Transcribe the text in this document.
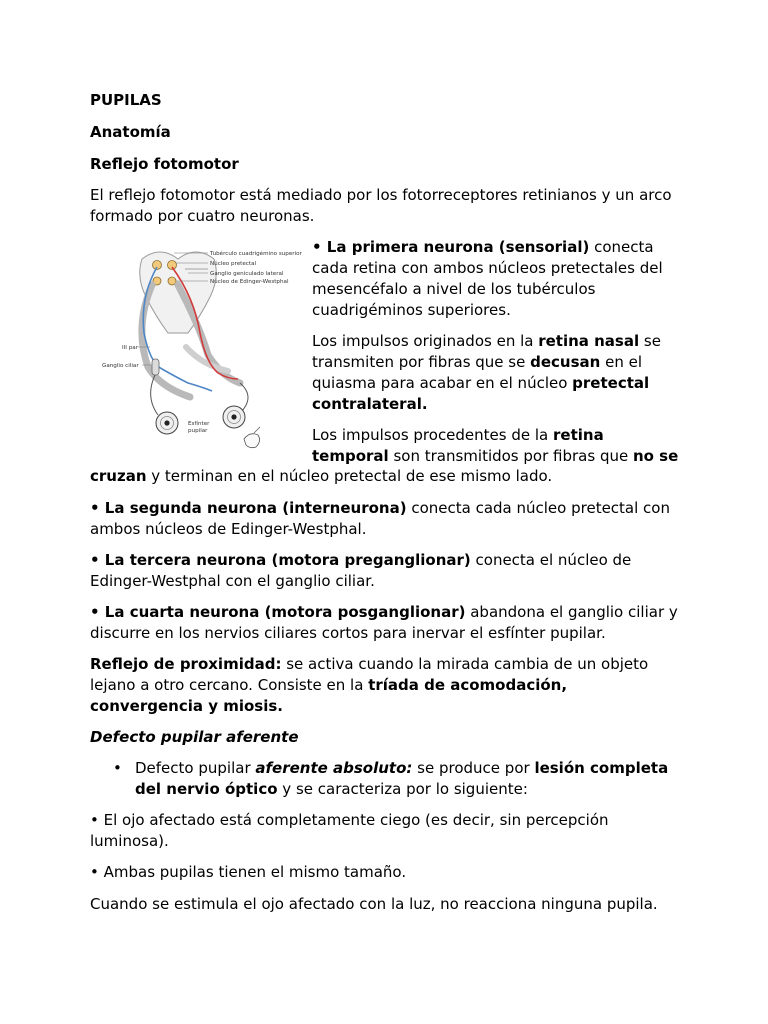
PUPILAS

Anatomía

Reflejo fotomotor

El reflejo fotomotor está mediado por los fotorreceptores retinianos y un arco formado por cuatro neuronas.

Tubérculo cuadrigémino superior
Núcleo pretectal
Ganglio geniculado lateral
Núcleo de Edinger-Westphal
III par
Ganglio ciliar
Esfínter
pupilar

• La primera neurona (sensorial) conecta cada retina con ambos núcleos pretectales del mesencéfalo a nivel de los tubérculos cuadrigéminos superiores.

Los impulsos originados en la retina nasal se transmiten por fibras que se decusan en el quiasma para acabar en el núcleo pretectal contralateral.

Los impulsos procedentes de la retina temporal son transmitidos por fibras que no se cruzan y terminan en el núcleo pretectal de ese mismo lado.

• La segunda neurona (interneurona) conecta cada núcleo pretectal con ambos núcleos de Edinger-Westphal.

• La tercera neurona (motora preganglionar) conecta el núcleo de Edinger-Westphal con el ganglio ciliar.

• La cuarta neurona (motora posganglionar) abandona el ganglio ciliar y discurre en los nervios ciliares cortos para inervar el esfínter pupilar.

Reflejo de proximidad: se activa cuando la mirada cambia de un objeto lejano a otro cercano. Consiste en la tríada de acomodación, convergencia y miosis.

Defecto pupilar aferente

• Defecto pupilar aferente absoluto: se produce por lesión completa del nervio óptico y se caracteriza por lo siguiente:

• El ojo afectado está completamente ciego (es decir, sin percepción luminosa).

• Ambas pupilas tienen el mismo tamaño.

Cuando se estimula el ojo afectado con la luz, no reacciona ninguna pupila.
